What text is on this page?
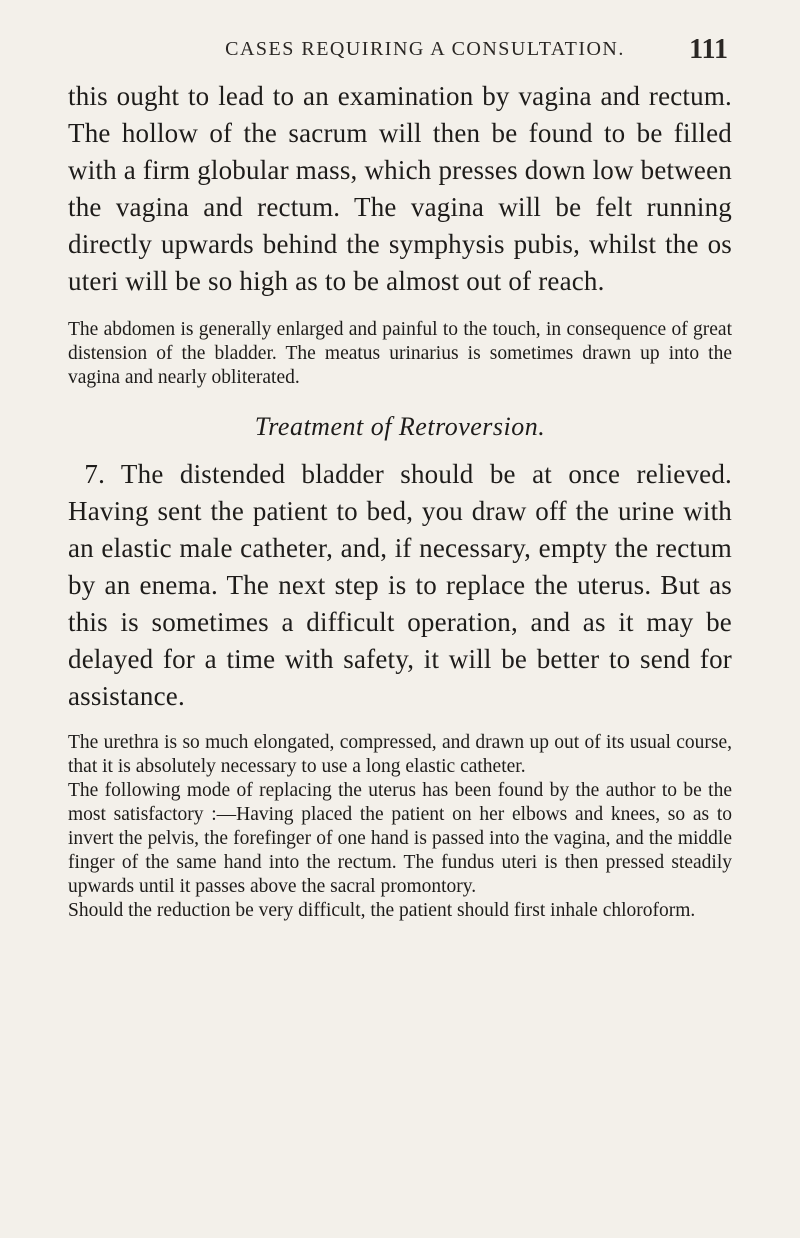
CASES REQUIRING A CONSULTATION. 111

this ought to lead to an examination by vagina and rectum. The hollow of the sacrum will then be found to be filled with a firm globular mass, which presses down low between the vagina and rectum. The vagina will be felt running directly upwards behind the symphysis pubis, whilst the os uteri will be so high as to be almost out of reach.

The abdomen is generally enlarged and painful to the touch, in consequence of great distension of the bladder. The meatus urinarius is sometimes drawn up into the vagina and nearly obliterated.

Treatment of Retroversion.

7. The distended bladder should be at once relieved. Having sent the patient to bed, you draw off the urine with an elastic male catheter, and, if necessary, empty the rectum by an enema. The next step is to replace the uterus. But as this is sometimes a difficult operation, and as it may be delayed for a time with safety, it will be better to send for assistance.

The urethra is so much elongated, compressed, and drawn up out of its usual course, that it is absolutely necessary to use a long elastic catheter.

The following mode of replacing the uterus has been found by the author to be the most satisfactory :—Having placed the patient on her elbows and knees, so as to invert the pelvis, the forefinger of one hand is passed into the vagina, and the middle finger of the same hand into the rectum. The fundus uteri is then pressed steadily upwards until it passes above the sacral promontory.

Should the reduction be very difficult, the patient should first inhale chloroform.
